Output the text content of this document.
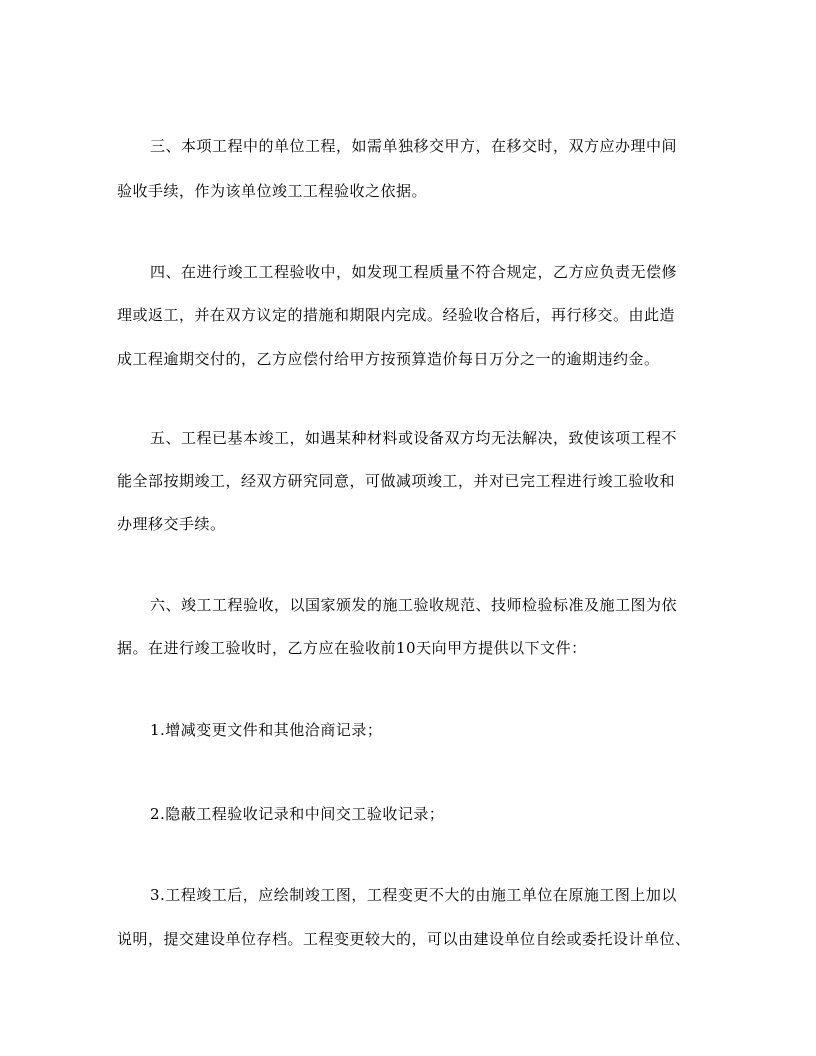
三、本项工程中的单位工程，如需单独移交甲方，在移交时，双方应办理中间
验收手续，作为该单位竣工工程验收之依据。
四、在进行竣工工程验收中，如发现工程质量不符合规定，乙方应负责无偿修
理或返工，并在双方议定的措施和期限内完成。经验收合格后，再行移交。由此造
成工程逾期交付的，乙方应偿付给甲方按预算造价每日万分之一的逾期违约金。
五、工程已基本竣工，如遇某种材料或设备双方均无法解决，致使该项工程不
能全部按期竣工，经双方研究同意，可做减项竣工，并对已完工程进行竣工验收和
办理移交手续。
六、竣工工程验收，以国家颁发的施工验收规范、技师检验标准及施工图为依
据。在进行竣工验收时，乙方应在验收前10天向甲方提供以下文件：
1.增减变更文件和其他洽商记录；
2.隐蔽工程验收记录和中间交工验收记录；
3.工程竣工后，应绘制竣工图，工程变更不大的由施工单位在原施工图上加以
说明，提交建设单位存档。工程变更较大的，可以由建设单位自绘或委托设计单位、
